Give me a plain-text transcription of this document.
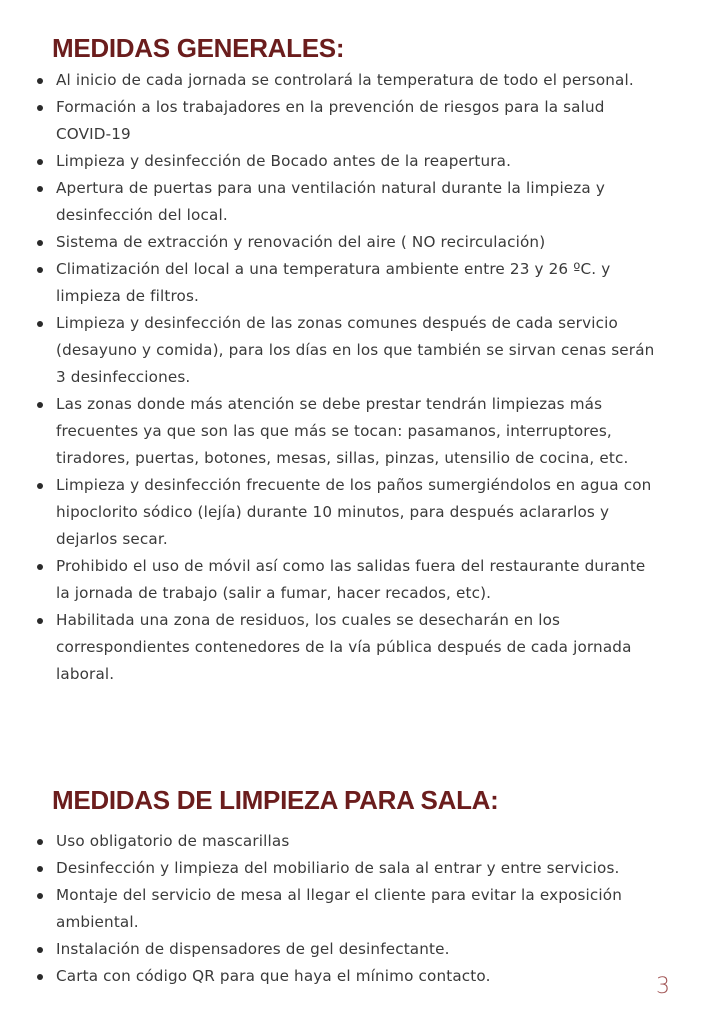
MEDIDAS GENERALES:
Al inicio de cada jornada se controlará la temperatura de todo el personal.
Formación a los trabajadores en la prevención de riesgos para la salud COVID-19
Limpieza y desinfección de Bocado antes de la reapertura.
Apertura de puertas para una ventilación natural durante la limpieza y desinfección del local.
Sistema de extracción y renovación del aire ( NO recirculación)
Climatización del local a una temperatura ambiente entre 23 y 26 ºC. y limpieza de filtros.
Limpieza y desinfección de las zonas comunes después de cada servicio (desayuno y comida), para los días en los que también se sirvan cenas serán 3 desinfecciones.
Las zonas donde más atención se debe prestar tendrán limpiezas más frecuentes ya que son las que más se tocan: pasamanos, interruptores, tiradores, puertas, botones, mesas, sillas, pinzas, utensilio de cocina, etc.
Limpieza y desinfección frecuente de los paños sumergiéndolos en agua con hipoclorito sódico (lejía) durante 10 minutos, para después aclararlos y dejarlos secar.
Prohibido el uso de móvil así como las salidas fuera del restaurante durante la jornada de trabajo (salir a fumar, hacer recados, etc).
Habilitada una zona de residuos, los cuales se desecharán en los correspondientes contenedores de la vía pública después de cada jornada laboral.
MEDIDAS DE LIMPIEZA PARA SALA:
Uso obligatorio de mascarillas
Desinfección y limpieza del mobiliario de sala al entrar y entre servicios.
Montaje del servicio de mesa al llegar el cliente para evitar la exposición ambiental.
Instalación de dispensadores de gel desinfectante.
Carta con código QR para que haya el mínimo contacto.	3
